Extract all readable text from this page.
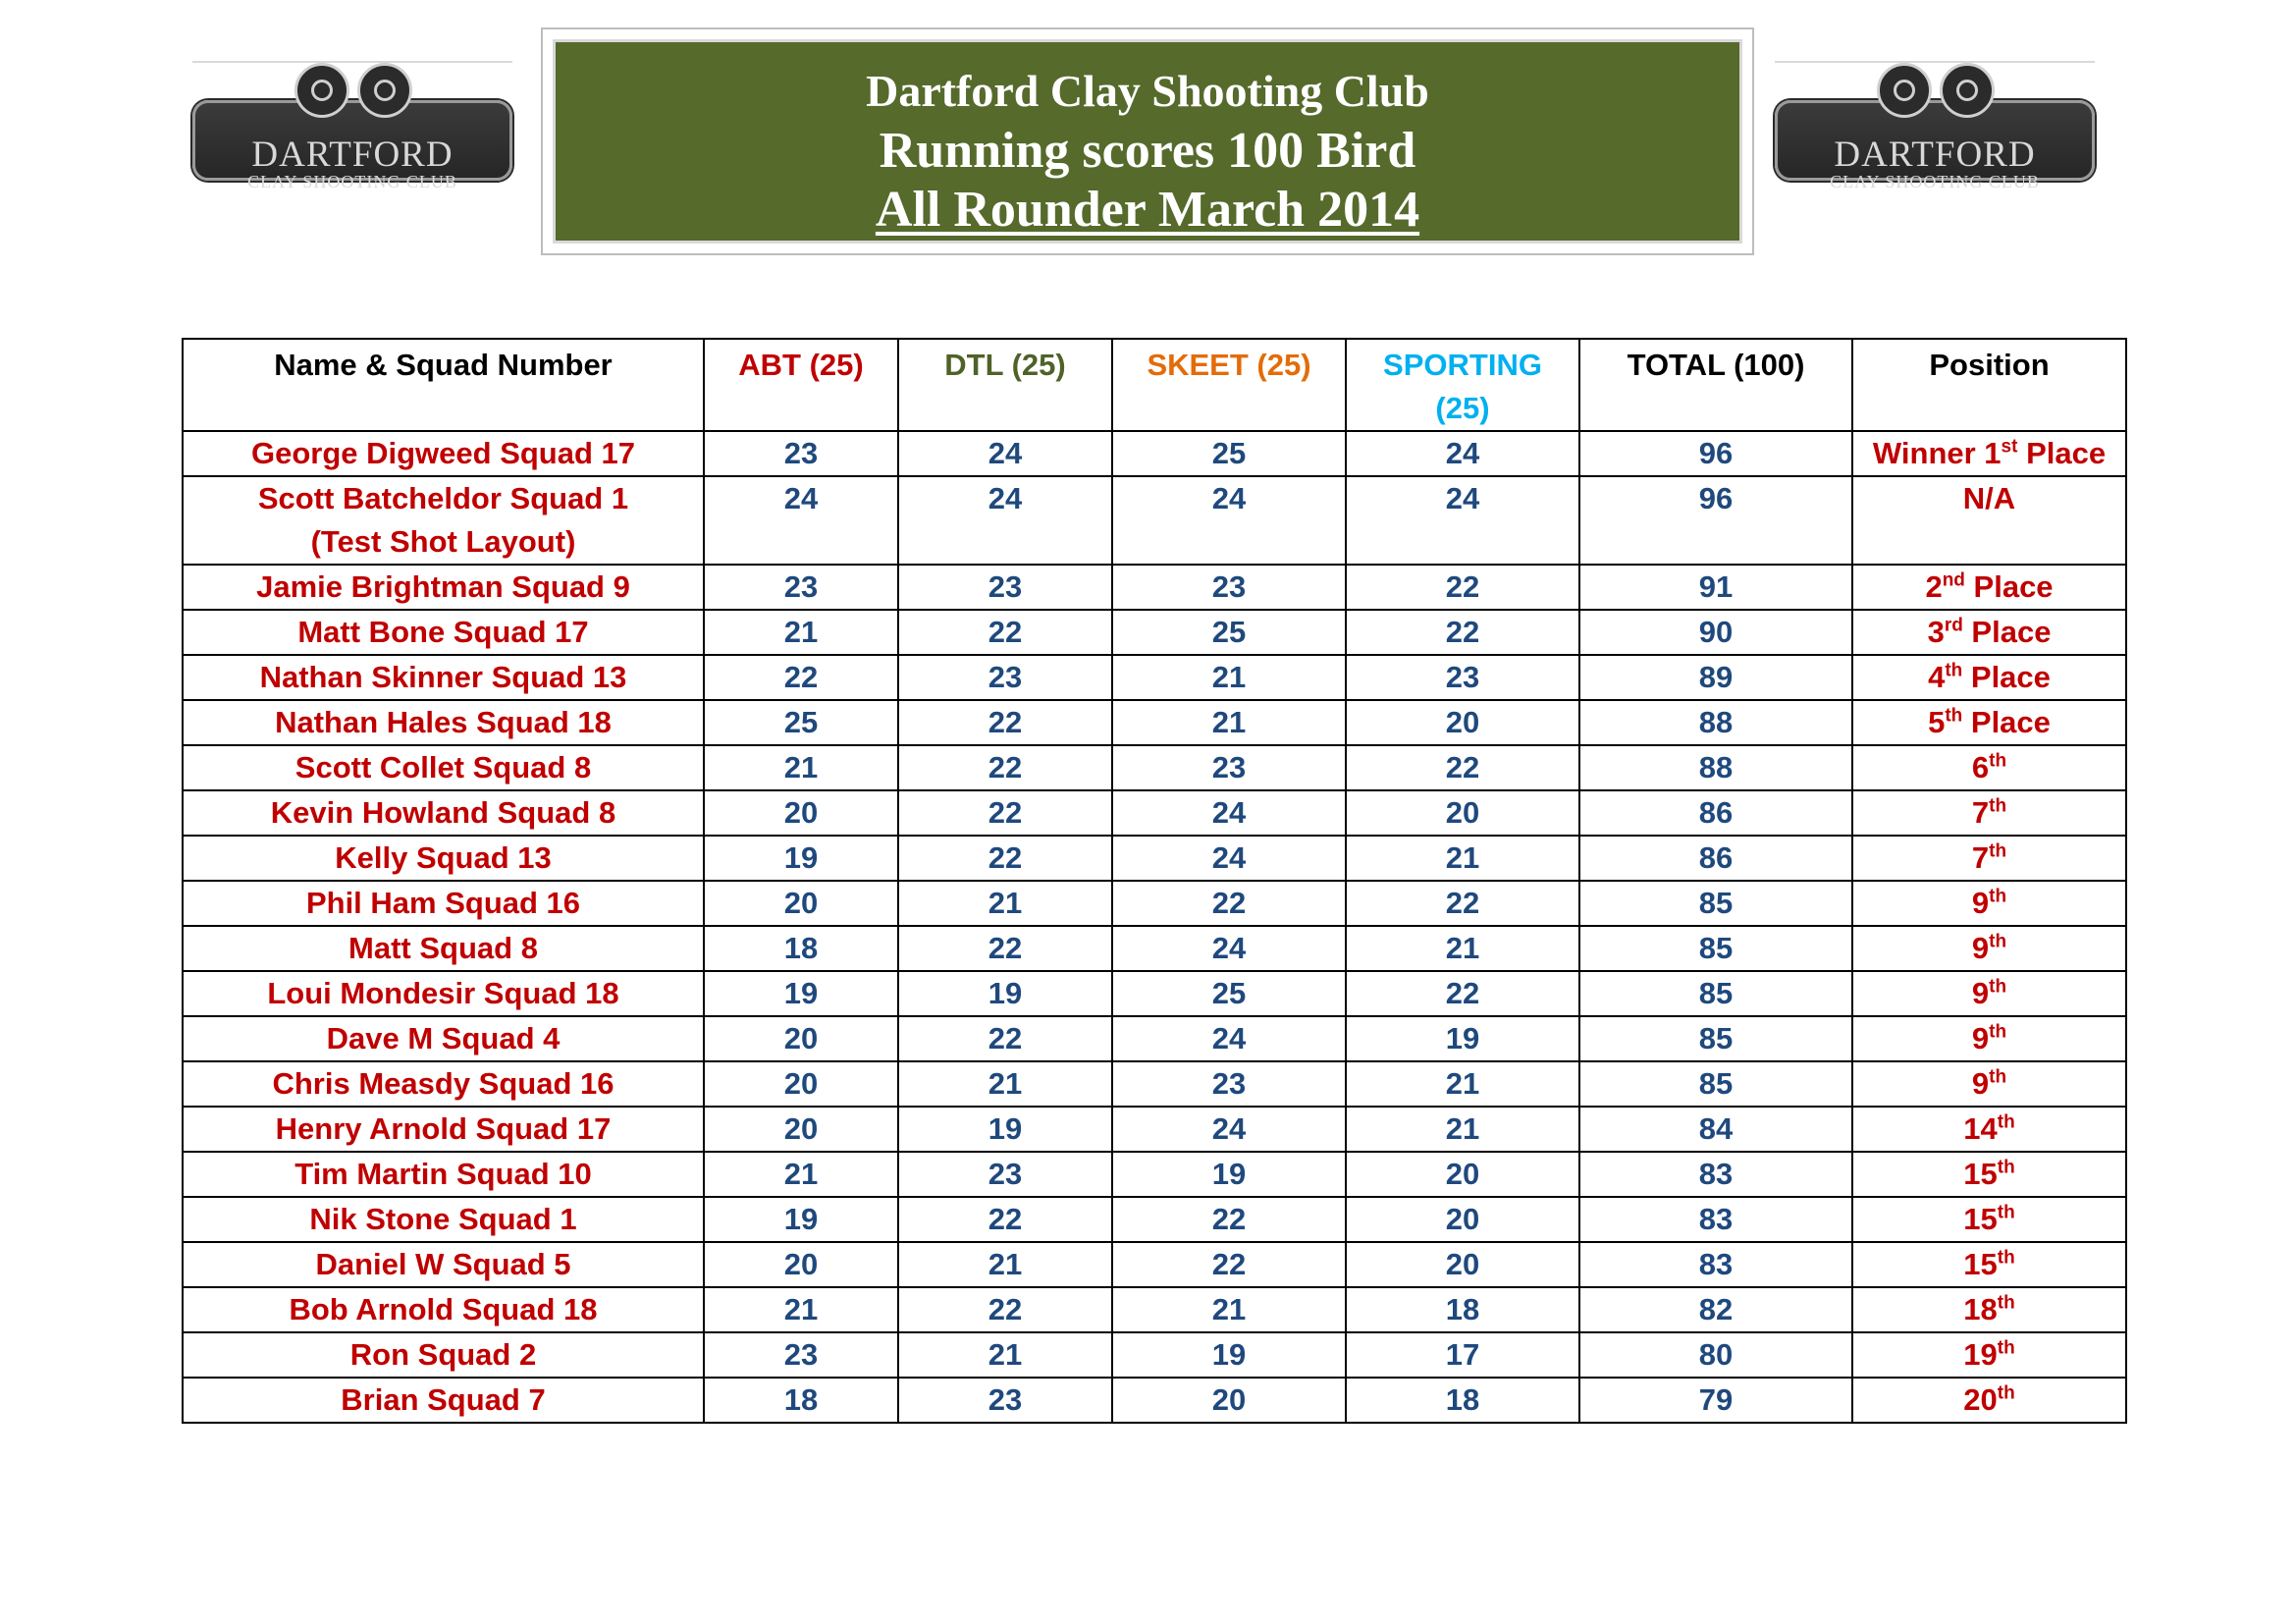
DARTFORD
CLAY SHOOTING CLUB
Dartford Clay Shooting Club
Running scores 100 Bird
All Rounder March 2014
DARTFORD
CLAY SHOOTING CLUB
Name & Squad Number	ABT (25)	DTL (25)	SKEET (25)	SPORTING
(25)	TOTAL (100)	Position
George Digweed Squad 17	23	24	25	24	96	Winner 1st Place
Scott Batcheldor Squad 1
(Test Shot Layout)	24	24	24	24	96	N/A
Jamie Brightman Squad 9	23	23	23	22	91	2nd Place
Matt Bone Squad 17	21	22	25	22	90	3rd Place
Nathan Skinner Squad 13	22	23	21	23	89	4th Place
Nathan Hales Squad 18	25	22	21	20	88	5th Place
Scott Collet Squad 8	21	22	23	22	88	6th
Kevin Howland Squad 8	20	22	24	20	86	7th
Kelly Squad 13	19	22	24	21	86	7th
Phil Ham Squad 16	20	21	22	22	85	9th
Matt Squad 8	18	22	24	21	85	9th
Loui Mondesir Squad 18	19	19	25	22	85	9th
Dave M Squad 4	20	22	24	19	85	9th
Chris Measdy Squad 16	20	21	23	21	85	9th
Henry Arnold Squad 17	20	19	24	21	84	14th
Tim Martin Squad 10	21	23	19	20	83	15th
Nik Stone Squad 1	19	22	22	20	83	15th
Daniel W Squad 5	20	21	22	20	83	15th
Bob Arnold Squad 18	21	22	21	18	82	18th
Ron Squad 2	23	21	19	17	80	19th
Brian Squad 7	18	23	20	18	79	20th
